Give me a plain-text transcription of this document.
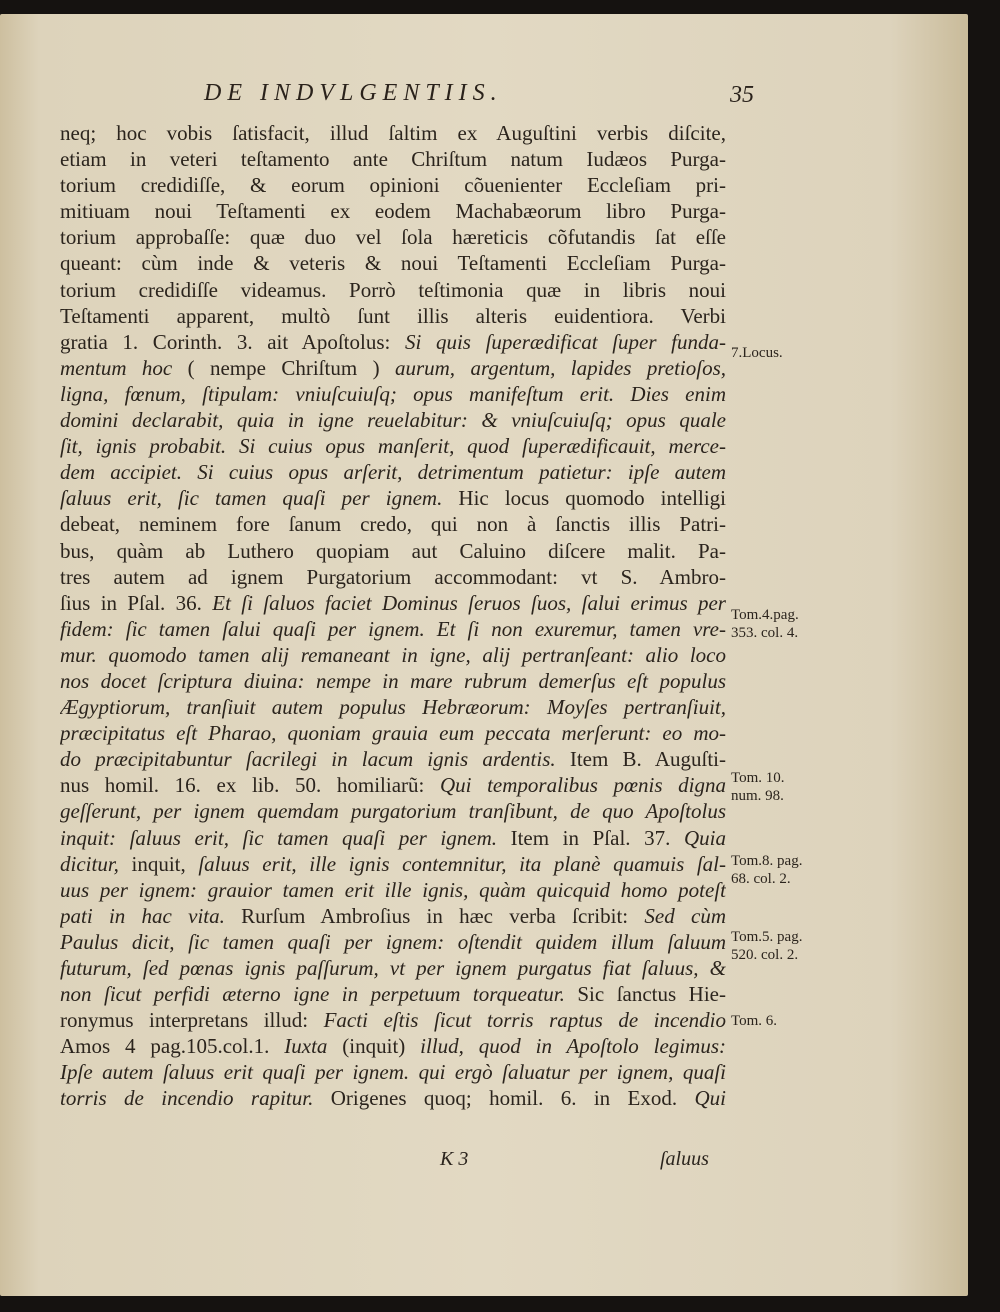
DE INDVLGENTIIS.	35
neq; hoc vobis ſatisfacit, illud ſaltim ex Auguſtini verbis diſcite,
etiam in veteri teſtamento ante Chriſtum natum Iudæos Purga-
torium credidiſſe, & eorum opinioni cõuenienter Eccleſiam pri-
mitiuam noui Teſtamenti ex eodem Machabæorum libro Purga-
torium approbaſſe: quæ duo vel ſola hæreticis cõfutandis ſat eſſe
queant: cùm inde & veteris & noui Teſtamenti Eccleſiam Purga-
torium credidiſſe videamus. Porrò teſtimonia quæ in libris noui
Teſtamenti apparent, multò ſunt illis alteris euidentiora. Verbi
gratia 1. Corinth. 3. ait Apoſtolus: Si quis ſuperædificat ſuper funda-
mentum hoc ( nempe Chriſtum ) aurum, argentum, lapides pretioſos,
ligna, fœnum, ſtipulam: vniuſcuiuſq; opus manifeſtum erit. Dies enim
domini declarabit, quia in igne reuelabitur: & vniuſcuiuſq; opus quale
ſit, ignis probabit. Si cuius opus manſerit, quod ſuperædificauit, merce-
dem accipiet. Si cuius opus arſerit, detrimentum patietur: ipſe autem
ſaluus erit, ſic tamen quaſi per ignem. Hic locus quomodo intelligi
debeat, neminem fore ſanum credo, qui non à ſanctis illis Patri-
bus, quàm ab Luthero quopiam aut Caluino diſcere malit. Pa-
tres autem ad ignem Purgatorium accommodant: vt S. Ambro-
ſius in Pſal. 36. Et ſi ſaluos faciet Dominus ſeruos ſuos, ſalui erimus per
fidem: ſic tamen ſalui quaſi per ignem. Et ſi non exuremur, tamen vre-
mur. quomodo tamen alij remaneant in igne, alij pertranſeant: alio loco
nos docet ſcriptura diuina: nempe in mare rubrum demerſus eſt populus
Ægyptiorum, tranſiuit autem populus Hebræorum: Moyſes pertranſiuit,
præcipitatus eſt Pharao, quoniam grauia eum peccata merſerunt: eo mo-
do præcipitabuntur ſacrilegi in lacum ignis ardentis. Item B. Auguſti-
nus homil. 16. ex lib. 50. homiliarũ: Qui temporalibus pœnis digna
geſſerunt, per ignem quemdam purgatorium tranſibunt, de quo Apoſtolus
inquit: ſaluus erit, ſic tamen quaſi per ignem. Item in Pſal. 37. Quia
dicitur, inquit, ſaluus erit, ille ignis contemnitur, ita planè quamuis ſal-
uus per ignem: grauior tamen erit ille ignis, quàm quicquid homo poteſt
pati in hac vita. Rurſum Ambroſius in hæc verba ſcribit: Sed cùm
Paulus dicit, ſic tamen quaſi per ignem: oſtendit quidem illum ſaluum
futurum, ſed pœnas ignis paſſurum, vt per ignem purgatus fiat ſaluus, &
non ſicut perfidi æterno igne in perpetuum torqueatur. Sic ſanctus Hie-
ronymus interpretans illud: Facti eſtis ſicut torris raptus de incendio
Amos 4 pag.105.col.1. Iuxta (inquit) illud, quod in Apoſtolo legimus:
Ipſe autem ſaluus erit quaſi per ignem. qui ergò ſaluatur per ignem, quaſi
torris de incendio rapitur. Origenes quoq; homil. 6. in Exod. Qui
7.Locus.
Tom.4.pag.
353. col. 4.
Tom. 10.
num. 98.
Tom.8. pag.
68. col. 2.
Tom.5. pag.
520. col. 2.
Tom. 6.
K 3	ſaluus
